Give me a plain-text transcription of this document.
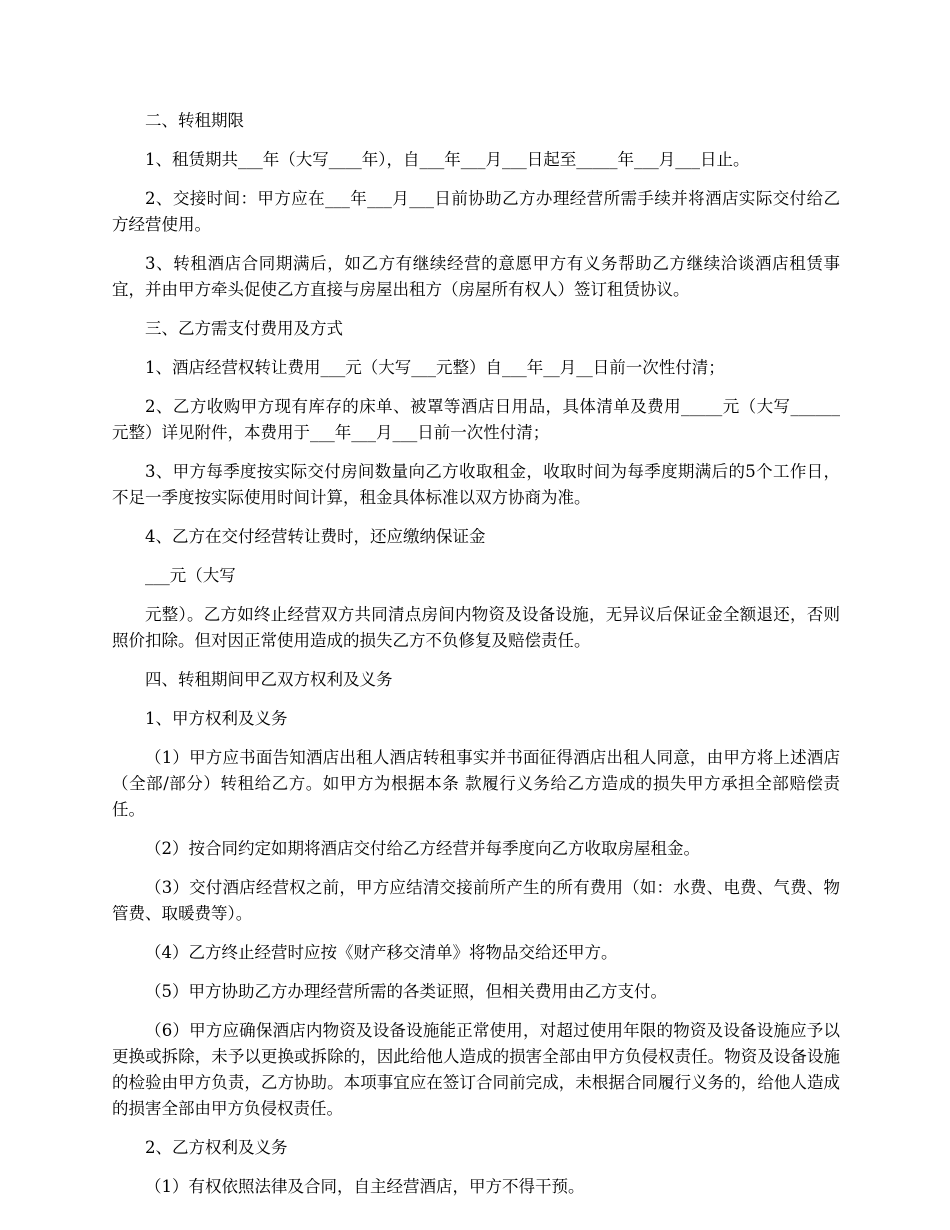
二、转租期限

1、租赁期共___年（大写____年），自___年___月___日起至_____年___月___日止。

2、交接时间：甲方应在___年___月___日前协助乙方办理经营所需手续并将酒店实际交付给乙方经营使用。

3、转租酒店合同期满后，如乙方有继续经营的意愿甲方有义务帮助乙方继续洽谈酒店租赁事宜，并由甲方牵头促使乙方直接与房屋出租方（房屋所有权人）签订租赁协议。

三、乙方需支付费用及方式

1、酒店经营权转让费用___元（大写___元整）自___年__月__日前一次性付清；

2、乙方收购甲方现有库存的床单、被罩等酒店日用品，具体清单及费用_____元（大写______元整）详见附件，本费用于___年___月___日前一次性付清；

3、甲方每季度按实际交付房间数量向乙方收取租金，收取时间为每季度期满后的5个工作日，不足一季度按实际使用时间计算，租金具体标准以双方协商为准。

4、乙方在交付经营转让费时，还应缴纳保证金

___元（大写

元整）。乙方如终止经营双方共同清点房间内物资及设备设施，无异议后保证金全额退还，否则照价扣除。但对因正常使用造成的损失乙方不负修复及赔偿责任。

四、转租期间甲乙双方权利及义务

1、甲方权利及义务

（1）甲方应书面告知酒店出租人酒店转租事实并书面征得酒店出租人同意，由甲方将上述酒店（全部/部分）转租给乙方。如甲方为根据本条 款履行义务给乙方造成的损失甲方承担全部赔偿责任。

（2）按合同约定如期将酒店交付给乙方经营并每季度向乙方收取房屋租金。

（3）交付酒店经营权之前，甲方应结清交接前所产生的所有费用（如：水费、电费、气费、物管费、取暖费等）。

（4）乙方终止经营时应按《财产移交清单》将物品交给还甲方。

（5）甲方协助乙方办理经营所需的各类证照，但相关费用由乙方支付。

（6）甲方应确保酒店内物资及设备设施能正常使用，对超过使用年限的物资及设备设施应予以更换或拆除，未予以更换或拆除的，因此给他人造成的损害全部由甲方负侵权责任。物资及设备设施的检验由甲方负责，乙方协助。本项事宜应在签订合同前完成，未根据合同履行义务的，给他人造成的损害全部由甲方负侵权责任。

2、乙方权利及义务

（1）有权依照法律及合同，自主经营酒店，甲方不得干预。
